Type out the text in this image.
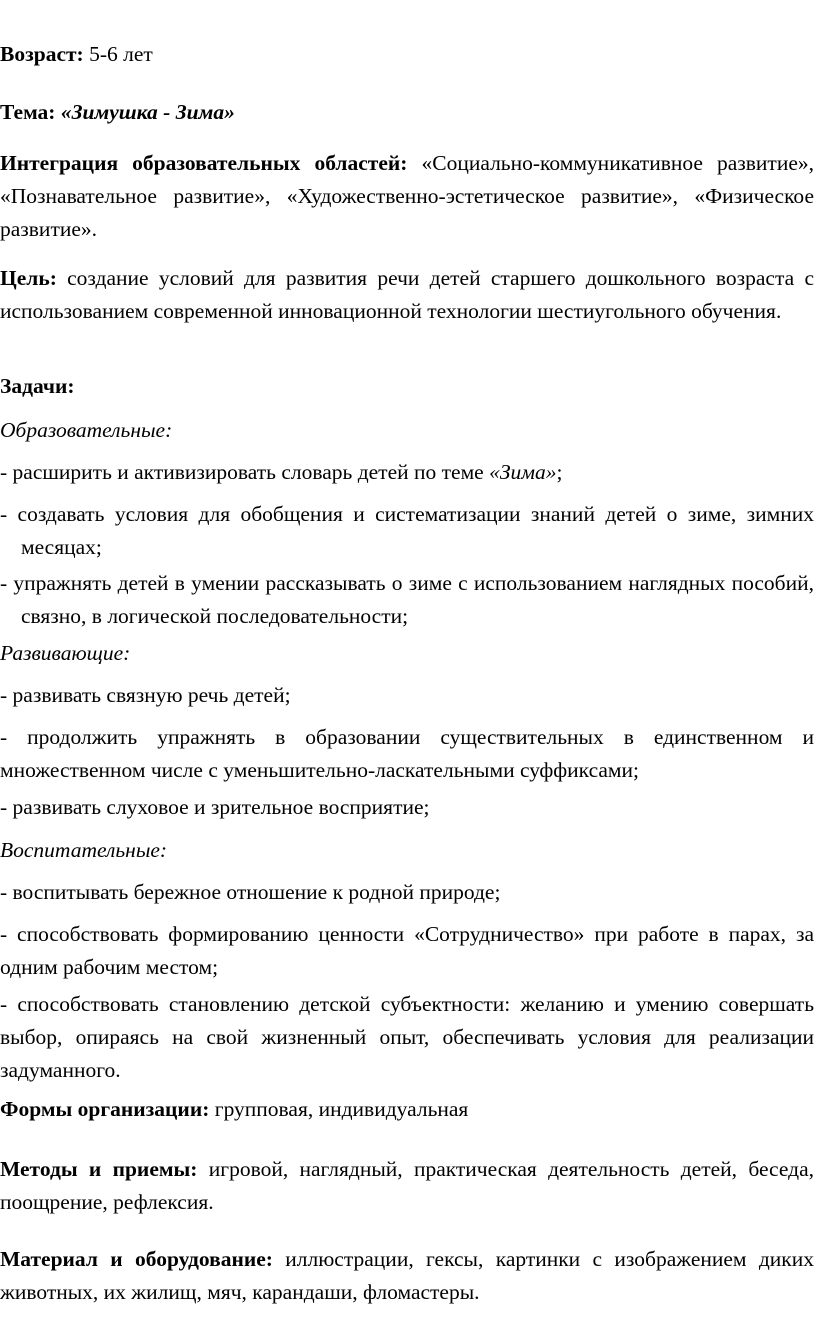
Возраст: 5-6 лет

Тема: «Зимушка - Зима»

Интеграция образовательных областей: «Социально-коммуникативное развитие», «Познавательное развитие», «Художественно-эстетическое развитие», «Физическое развитие».

Цель: создание условий для развития речи детей старшего дошкольного возраста с использованием современной инновационной технологии шестиугольного обучения.

Задачи:

Образовательные:

- расширить и активизировать словарь детей по теме «Зима»;

- создавать условия для обобщения и систематизации знаний детей о зиме, зимних месяцах;

- упражнять детей в умении рассказывать о зиме с использованием наглядных пособий, связно, в логической последовательности;

Развивающие:

- развивать связную речь детей;

- продолжить упражнять в образовании существительных в единственном и множественном числе с уменьшительно-ласкательными суффиксами;

- развивать слуховое и зрительное восприятие;

Воспитательные:

- воспитывать бережное отношение к родной природе;

- способствовать формированию ценности «Сотрудничество» при работе в парах, за одним рабочим местом;

- способствовать становлению детской субъектности: желанию и умению совершать выбор, опираясь на свой жизненный опыт, обеспечивать условия для реализации задуманного.

Формы организации: групповая, индивидуальная

Методы и приемы: игровой, наглядный, практическая деятельность детей, беседа, поощрение, рефлексия.

Материал и оборудование: иллюстрации, гексы, картинки с изображением диких животных, их жилищ, мяч, карандаши, фломастеры.
